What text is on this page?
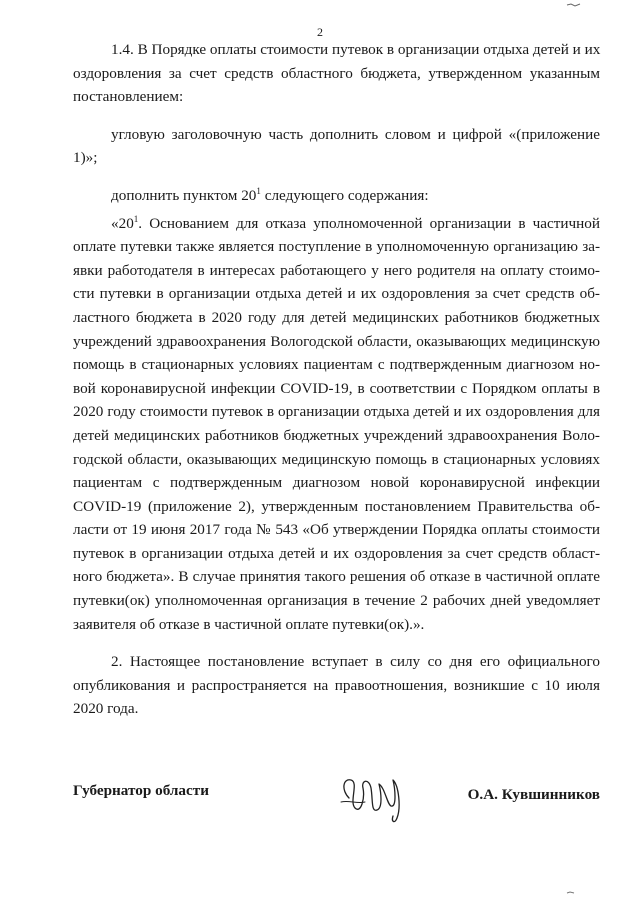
2

1.4. В Порядке оплаты стоимости путевок в организации отдыха детей и их
оздоровления за счет средств областного бюджета, утвержденном указанным
постановлением:

угловую заголовочную часть дополнить словом и цифрой «(приложение
1)»;

дополнить пунктом $20^1$ следующего содержания:

«$20^1$. Основанием для отказа уполномоченной организации в частичной
оплате путевки также является поступление в уполномоченную организацию за-
явки работодателя в интересах работающего у него родителя на оплату стоимо-
сти путевки в организации отдыха детей и их оздоровления за счет средств об-
ластного бюджета в 2020 году для детей медицинских работников бюджетных
учреждений здравоохранения Вологодской области, оказывающих медицинскую
помощь в стационарных условиях пациентам с подтвержденным диагнозом но-
вой коронавирусной инфекции COVID-19, в соответствии с Порядком оплаты в
2020 году стоимости путевок в организации отдыха детей и их оздоровления для
детей медицинских работников бюджетных учреждений здравоохранения Воло-
годской области, оказывающих медицинскую помощь в стационарных условиях
пациентам с подтвержденным диагнозом новой коронавирусной инфекции
COVID-19 (приложение 2), утвержденным постановлением Правительства об-
ласти от 19 июня 2017 года № 543 «Об утверждении Порядка оплаты стоимости
путевок в организации отдыха детей и их оздоровления за счет средств област-
ного бюджета». В случае принятия такого решения об отказе в частичной оплате
путевки(ок) уполномоченная организация в течение 2 рабочих дней уведомляет
заявителя об отказе в частичной оплате путевки(ок).».

2. Настоящее постановление вступает в силу со дня его официального
опубликования и распространяется на правоотношения, возникшие с 10 июля
2020 года.

Губернатор области	О.А. Кувшинников
